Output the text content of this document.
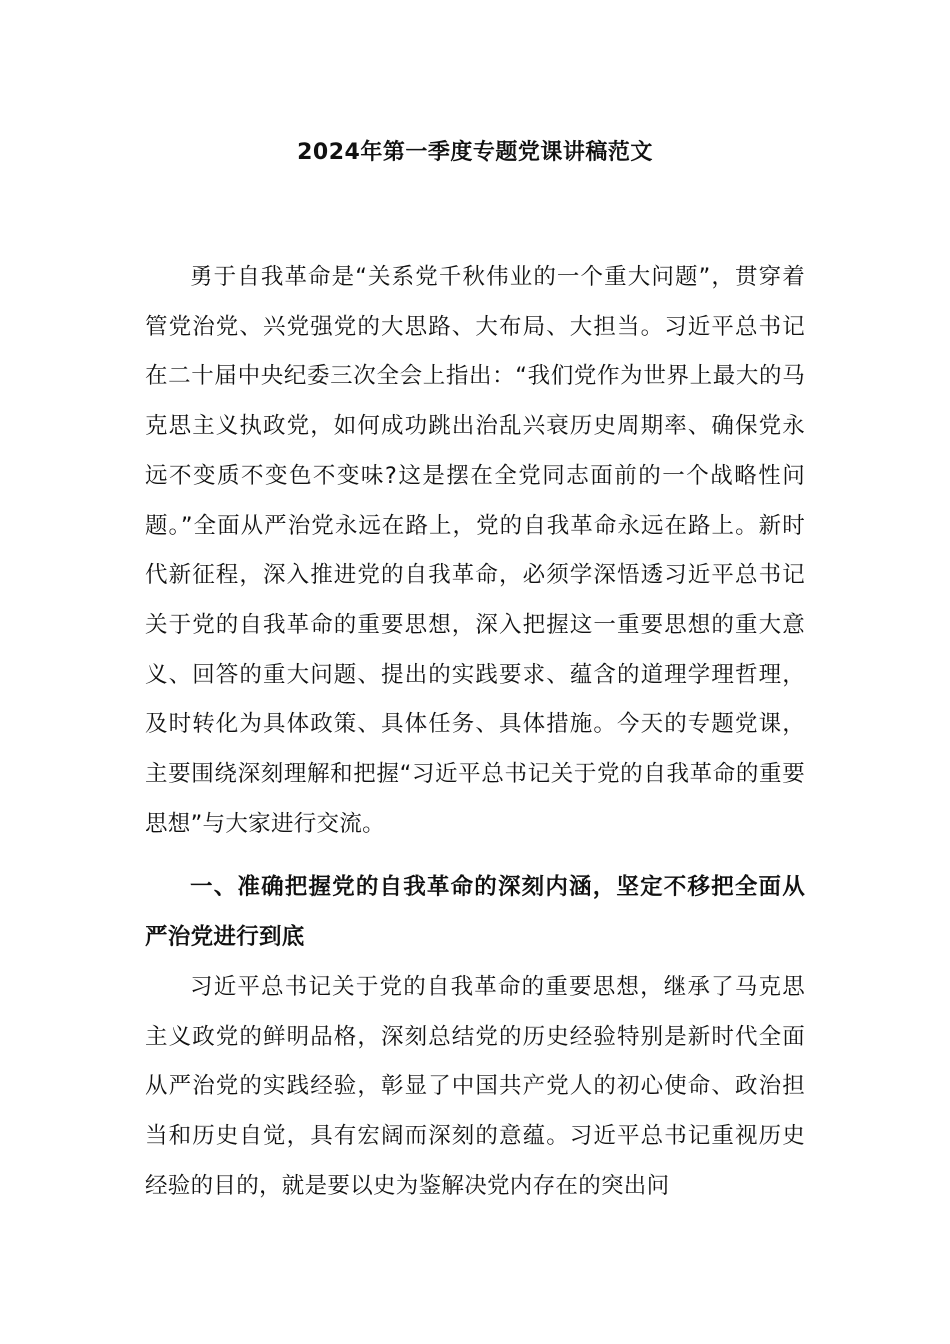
2024年第一季度专题党课讲稿范文

勇于自我革命是“关系党千秋伟业的一个重大问题”，贯穿着管党治党、兴党强党的大思路、大布局、大担当。习近平总书记在二十届中央纪委三次全会上指出：“我们党作为世界上最大的马克思主义执政党，如何成功跳出治乱兴衰历史周期率、确保党永远不变质不变色不变味?这是摆在全党同志面前的一个战略性问题。”全面从严治党永远在路上，党的自我革命永远在路上。新时代新征程，深入推进党的自我革命，必须学深悟透习近平总书记关于党的自我革命的重要思想，深入把握这一重要思想的重大意义、回答的重大问题、提出的实践要求、蕴含的道理学理哲理，及时转化为具体政策、具体任务、具体措施。今天的专题党课，主要围绕深刻理解和把握“习近平总书记关于党的自我革命的重要思想”与大家进行交流。

一、准确把握党的自我革命的深刻内涵，坚定不移把全面从严治党进行到底

习近平总书记关于党的自我革命的重要思想，继承了马克思主义政党的鲜明品格，深刻总结党的历史经验特别是新时代全面从严治党的实践经验，彰显了中国共产党人的初心使命、政治担当和历史自觉，具有宏阔而深刻的意蕴。习近平总书记重视历史经验的目的，就是要以史为鉴解决党内存在的突出问
